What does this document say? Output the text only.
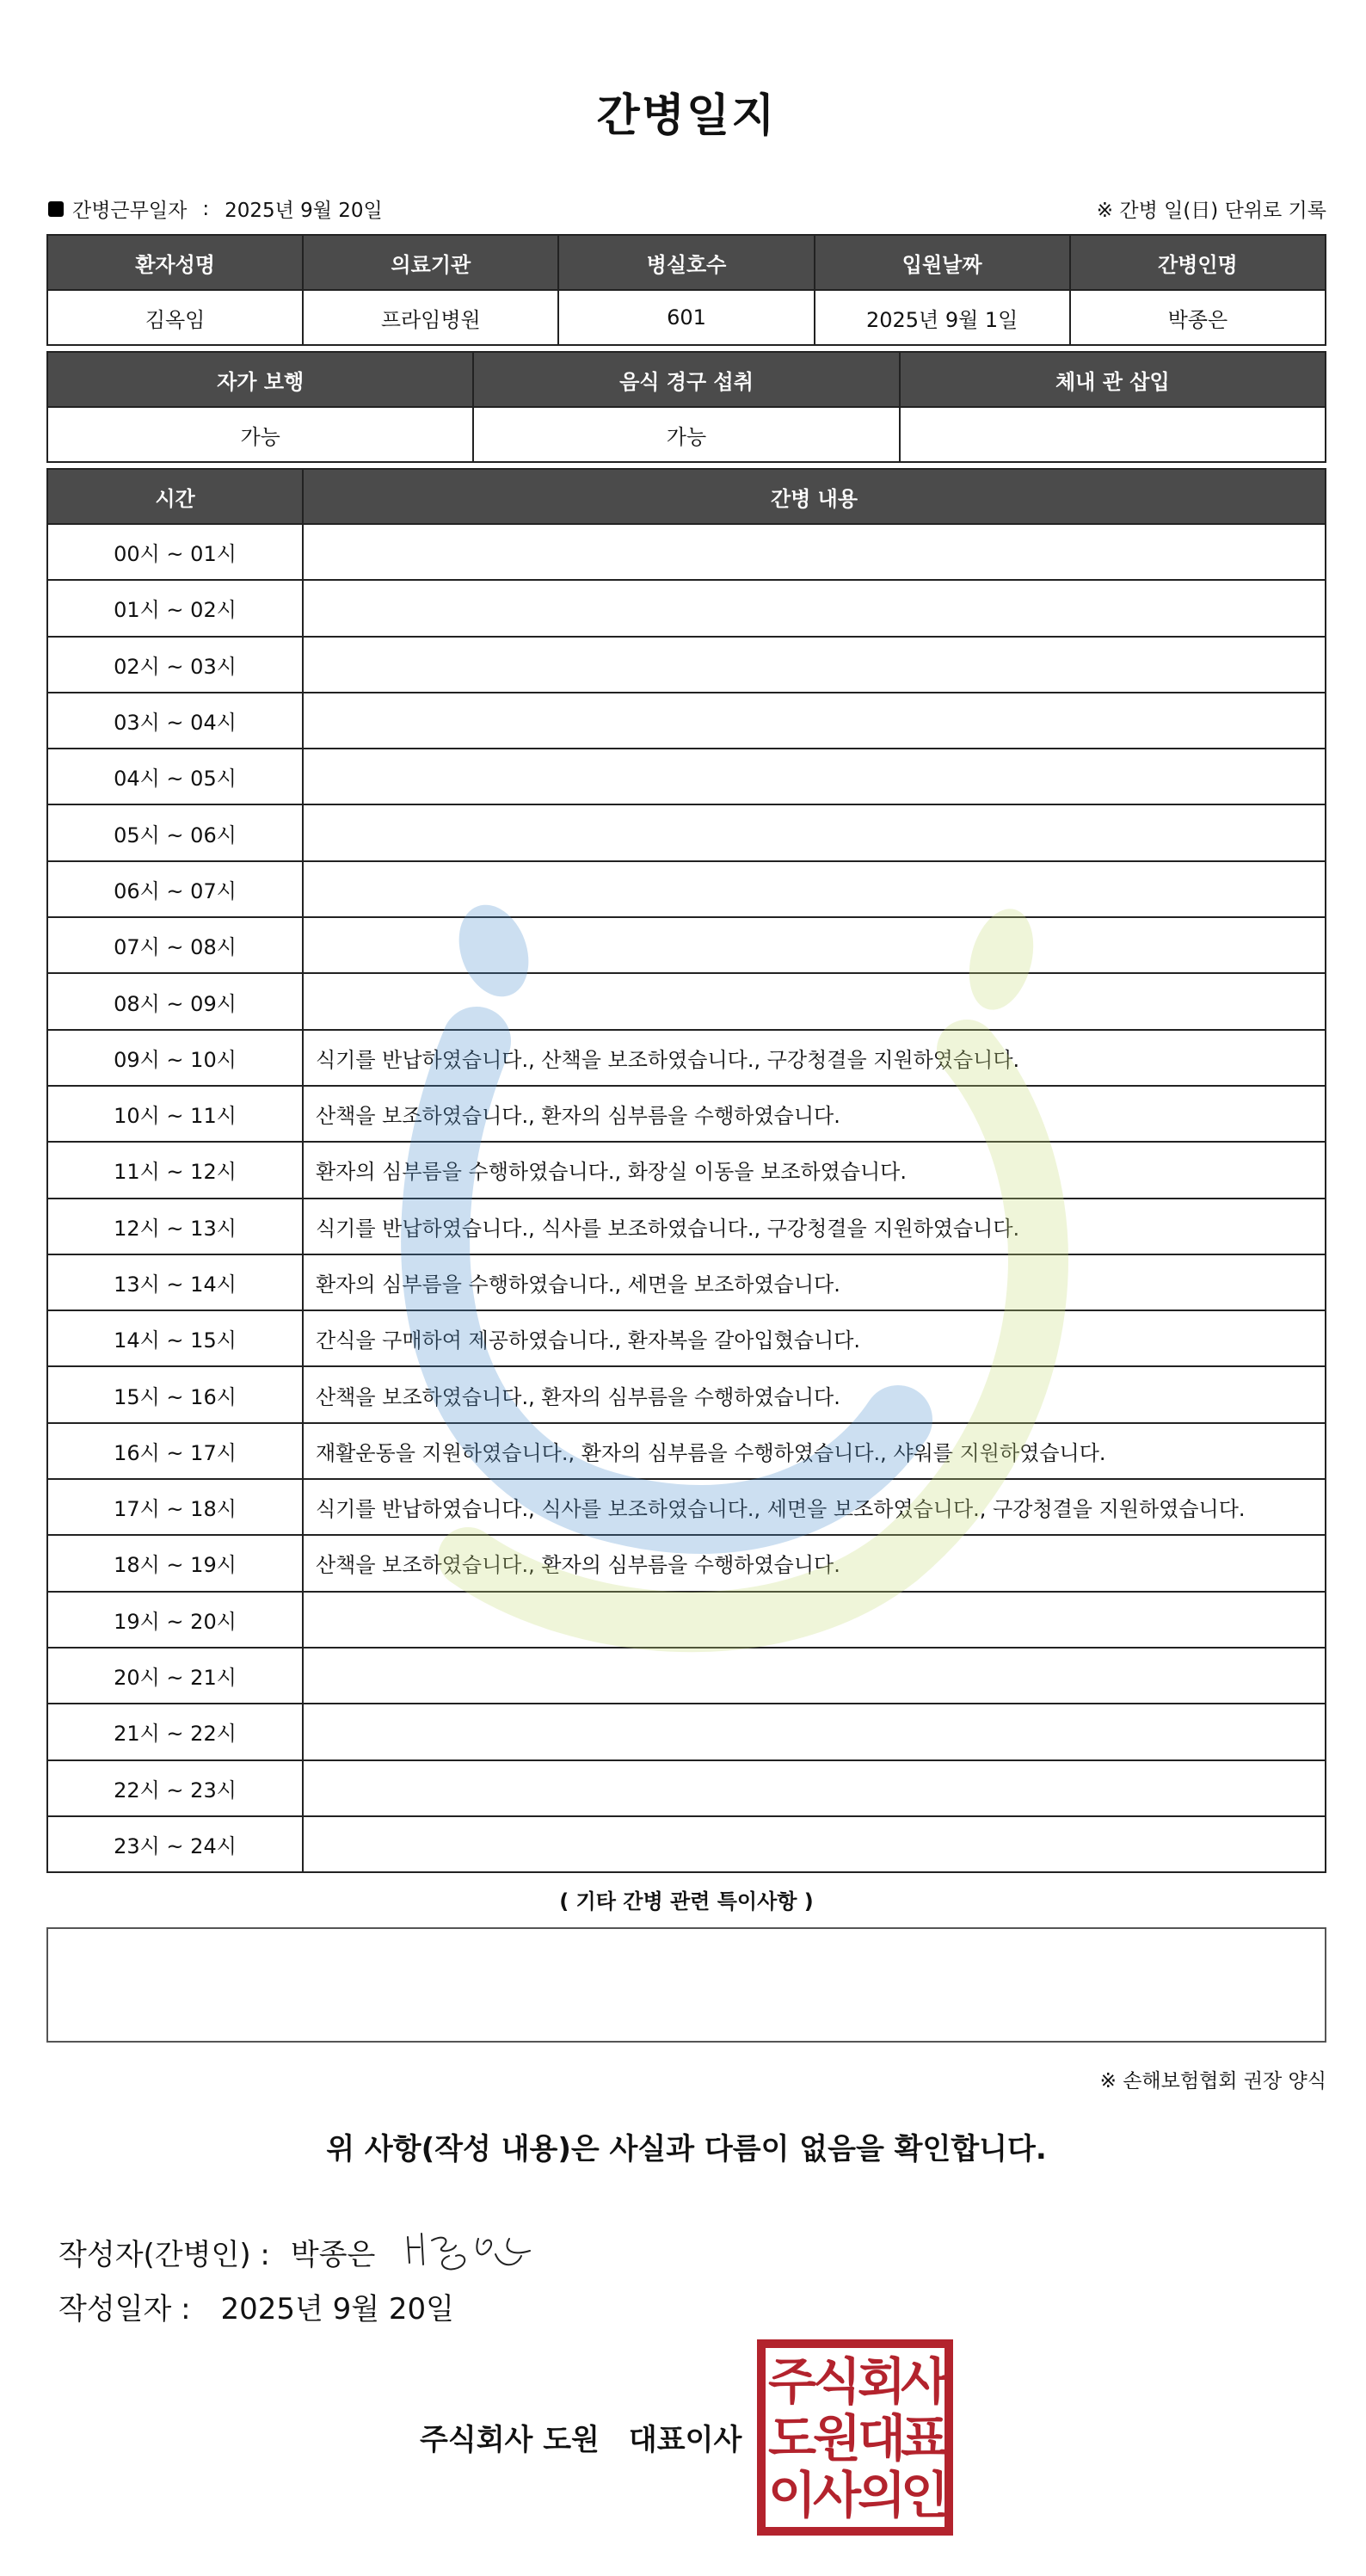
간병일지
간병근무일자 : 2025년 9월 20일	※ 간병 일(日) 단위로 기록
환자성명	의료기관	병실호수	입원날짜	간병인명
김옥임	프라임병원	601	2025년 9월 1일	박종은
자가 보행	음식 경구 섭취	체내 관 삽입
가능	가능	
시간	간병 내용
00시 ~ 01시	
01시 ~ 02시	
02시 ~ 03시	
03시 ~ 04시	
04시 ~ 05시	
05시 ~ 06시	
06시 ~ 07시	
07시 ~ 08시	
08시 ~ 09시	
09시 ~ 10시	식기를 반납하였습니다., 산책을 보조하였습니다., 구강청결을 지원하였습니다.
10시 ~ 11시	산책을 보조하였습니다., 환자의 심부름을 수행하였습니다.
11시 ~ 12시	환자의 심부름을 수행하였습니다., 화장실 이동을 보조하였습니다.
12시 ~ 13시	식기를 반납하였습니다., 식사를 보조하였습니다., 구강청결을 지원하였습니다.
13시 ~ 14시	환자의 심부름을 수행하였습니다., 세면을 보조하였습니다.
14시 ~ 15시	간식을 구매하여 제공하였습니다., 환자복을 갈아입혔습니다.
15시 ~ 16시	산책을 보조하였습니다., 환자의 심부름을 수행하였습니다.
16시 ~ 17시	재활운동을 지원하였습니다., 환자의 심부름을 수행하였습니다., 샤워를 지원하였습니다.
17시 ~ 18시	식기를 반납하였습니다., 식사를 보조하였습니다., 세면을 보조하였습니다., 구강청결을 지원하였습니다.
18시 ~ 19시	산책을 보조하였습니다., 환자의 심부름을 수행하였습니다.
19시 ~ 20시	
20시 ~ 21시	
21시 ~ 22시	
22시 ~ 23시	
23시 ~ 24시	
( 기타 간병 관련 특이사항 )
※ 손해보험협회 권장 양식
위 사항(작성 내용)은 사실과 다름이 없음을 확인합니다.
작성자(간병인) : 박종은
작성일자 : 2025년 9월 20일
주식회사 도원 대표이사
주
식
회
사
도
원
대
표
이
사
의
인
